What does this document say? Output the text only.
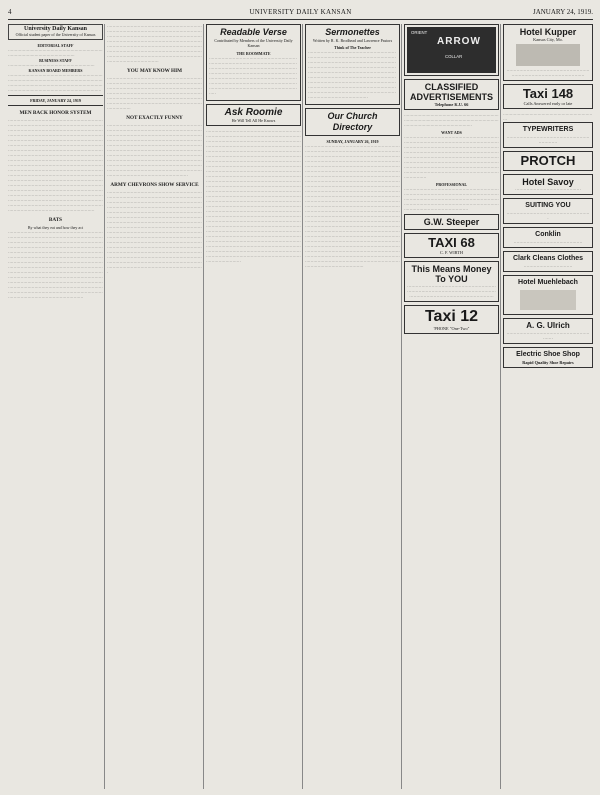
4	UNIVERSITY DAILY KANSAN	JANUARY 24, 1919.
University Daily Kansan
Official student paper of the University of Kansas
EDITORIAL STAFF
·························································································································
BUSINESS STAFF
·································································
KANSAN BOARD MEMBERS
···························································································································································································································································································
FRIDAY, JANUARY 24, 1919
MEN BACK HONOR SYSTEM
······································································································································································································································································································································································································································································································································································································································································································································································································································································································································································································································································································································································································································································································································
BATS
By what they eat and how they act
··········································································································································································································································································································································································································································································································································································································································································································································································································································································································································································
·································································································································································································································································································································································································································································································································
YOU MAY KNOW HIM
·········································································································································································································································································································································································································································
NOT EXACTLY FUNNY
··································································································································································································································································································································································································································································································································································································································································································································································
ARMY CHEVRONS SHOW SERVICE
·································································································································································································································································································································································································································································································································································································································································································································································································································································································································································································································································································································
Readable Verse
Contributed by Members of the University Daily Kansan
THE ROOMMATE
······························································································································································································································································································································································································································································
Ask Roomie
He Will Tell All He Knows
·································································································································································································································································································································································································································································································································································································································································································································································································································································································································································································································································································································································································································································································································································································································································································································································································································································································································································································································································
Sermonettes
Written by R. K. Brodhead and Lawrence Pastors
Think of The Teacher
··································································································································································································································································································································································································································································································································································································································
Our Church Directory
SUNDAY, JANUARY 26, 1919
··········································································································································································································································································································································································································································································································································································································································································································································································································································································································································································································································································································································································································································································································································································································································································································································································································································································································································
ORIENT
ARROW
COLLAR
CLASSIFIED ADVERTISEMENTS
Telephone K.U. 66
·································································································································································································
WANT ADS
················································································································································································································································································································································································································································································································································································
PROFESSIONAL
······························································································································································································································································································································
G.W. Steeper
TAXI 68
C. F. WIRTH
This Means Money To YOU
·······················································································································································································
Taxi 12
'PHONE "One-Two"
Hotel Kupper
Kansas City, Mo.
·············································································································
Taxi 148
Calls Answered early or late
······································································
TYPEWRITERS
·······································································
PROTCH
Hotel Savoy
··············································
SUITING YOU
···························································
Conklin
················································
Clark Cleans Clothes
··································
Hotel Muehlebach
A. G. Ulrich
·································································
Electric Shoe Shop
Rapid Quality Shoe Repairs
